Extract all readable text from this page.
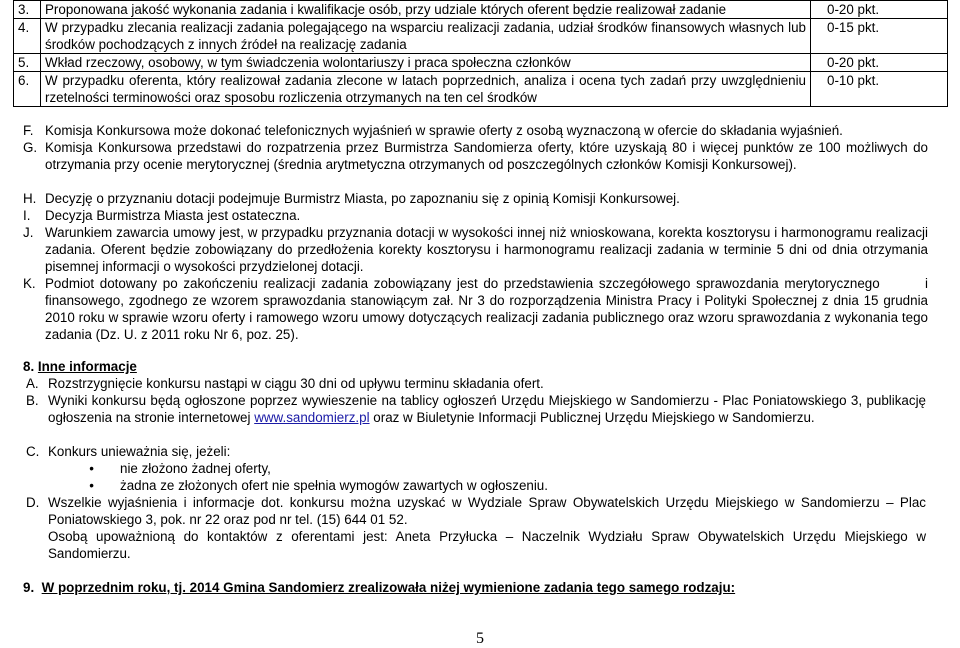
3.	Proponowana jakość wykonania zadania i kwalifikacje osób, przy udziale których oferent będzie realizował zadanie	0-20 pkt.
4.	W przypadku zlecania realizacji zadania polegającego na wsparciu realizacji zadania, udział środków finansowych własnych lub środków pochodzących z innych źródeł na realizację zadania	0-15 pkt.
5.	Wkład rzeczowy, osobowy, w tym świadczenia wolontariuszy i praca społeczna członków	0-20 pkt.
6.	W przypadku oferenta, który realizował zadania zlecone w latach poprzednich, analiza i ocena tych zadań przy uwzględnieniu rzetelności terminowości oraz sposobu rozliczenia otrzymanych na ten cel środków	0-10 pkt.
F. Komisja Konkursowa może dokonać telefonicznych wyjaśnień w sprawie oferty z osobą wyznaczoną w ofercie do składania wyjaśnień.
G. Komisja Konkursowa przedstawi do rozpatrzenia przez Burmistrza Sandomierza oferty, które uzyskają 80 i więcej punktów ze 100 możliwych do otrzymania przy ocenie merytorycznej (średnia arytmetyczna otrzymanych od poszczególnych członków Komisji Konkursowej).
H. Decyzję o przyznaniu dotacji podejmuje Burmistrz Miasta, po zapoznaniu się z opinią Komisji Konkursowej.
I.	Decyzja Burmistrza Miasta jest ostateczna.
J. Warunkiem zawarcia umowy jest, w przypadku przyznania dotacji w wysokości innej niż wnioskowana, korekta kosztorysu i harmonogramu realizacji zadania. Oferent będzie zobowiązany do przedłożenia korekty kosztorysu i harmonogramu realizacji zadania w terminie 5 dni od dnia otrzymania pisemnej informacji o wysokości przydzielonej dotacji.
K. Podmiot dotowany po zakończeniu realizacji zadania zobowiązany jest do przedstawienia szczegółowego sprawozdania merytorycznego        i finansowego, zgodnego ze wzorem sprawozdania stanowiącym zał. Nr 3 do rozporządzenia Ministra Pracy i Polityki Społecznej z dnia 15 grudnia 2010 roku w sprawie wzoru oferty i ramowego wzoru umowy dotyczących realizacji zadania publicznego oraz wzoru sprawozdania z wykonania tego zadania (Dz. U. z 2011 roku Nr 6, poz. 25).
8. Inne informacje
A. Rozstrzygnięcie konkursu nastąpi w ciągu 30 dni od upływu terminu składania ofert.
B. Wyniki konkursu będą ogłoszone poprzez wywieszenie na tablicy ogłoszeń Urzędu Miejskiego w Sandomierzu - Plac Poniatowskiego 3, publikację ogłoszenia na stronie internetowej www.sandomierz.pl oraz w Biuletynie Informacji Publicznej Urzędu Miejskiego w Sandomierzu.
C. Konkurs unieważnia się, jeżeli:
•	nie złożono żadnej oferty,
•	żadna ze złożonych ofert nie spełnia wymogów zawartych w ogłoszeniu.
D. Wszelkie wyjaśnienia i informacje dot. konkursu można uzyskać w Wydziale Spraw Obywatelskich Urzędu Miejskiego w Sandomierzu – Plac Poniatowskiego 3, pok. nr 22 oraz pod nr tel. (15) 644 01 52.
Osobą upoważnioną do kontaktów z oferentami jest: Aneta Przyłucka – Naczelnik Wydziału Spraw Obywatelskich Urzędu Miejskiego w Sandomierzu.
9. W poprzednim roku, tj. 2014 Gmina Sandomierz zrealizowała niżej wymienione zadania tego samego rodzaju:
5
